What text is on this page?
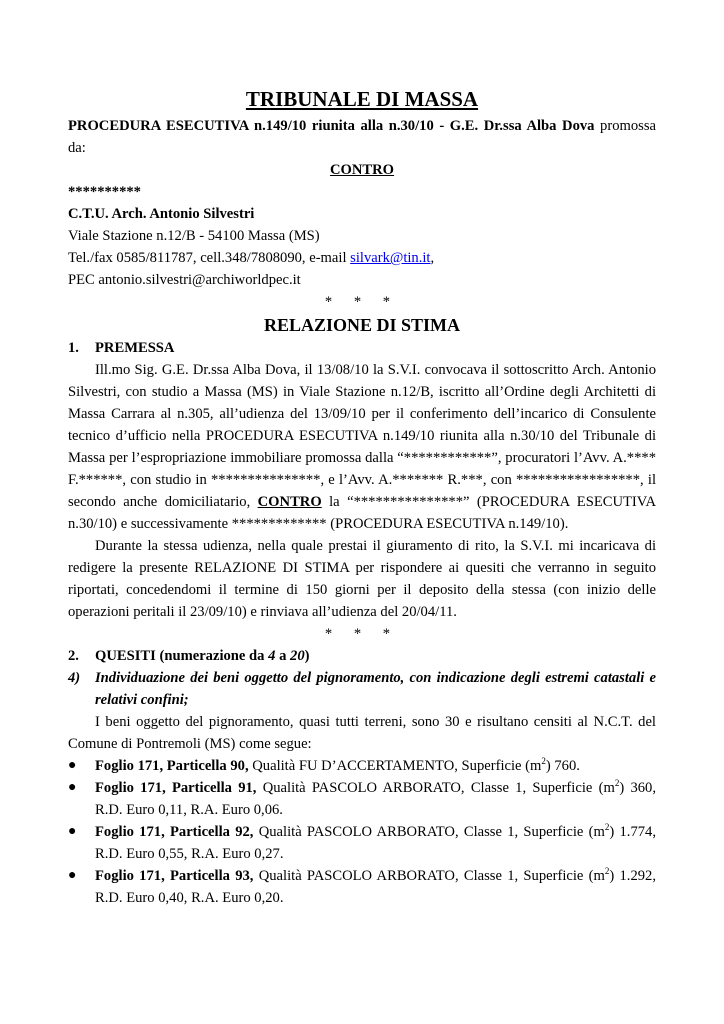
TRIBUNALE DI MASSA

PROCEDURA ESECUTIVA n.149/10 riunita alla n.30/10 - G.E. Dr.ssa Alba Dova promossa da:

CONTRO

**********

C.T.U. Arch. Antonio Silvestri

Viale Stazione n.12/B - 54100 Massa (MS)

Tel./fax 0585/811787, cell.348/7808090, e-mail silvark@tin.it,

PEC antonio.silvestri@archiworldpec.it

* * *

RELAZIONE DI STIMA
1.	PREMESSA

Ill.mo Sig. G.E. Dr.ssa Alba Dova, il 13/08/10 la S.V.I. convocava il sottoscritto Arch. Antonio Silvestri, con studio a Massa (MS) in Viale Stazione n.12/B, iscritto all’Ordine degli Architetti di Massa Carrara al n.305, all’udienza del 13/09/10 per il conferimento dell’incarico di Consulente tecnico d’ufficio nella PROCEDURA ESECUTIVA n.149/10 riunita alla n.30/10 del Tribunale di Massa per l’espropriazione immobiliare promossa dalla “************”, procuratori l’Avv. A.**** F.******, con studio in ***************, e l’Avv. A.******* R.***, con *****************, il secondo anche domiciliatario, CONTRO la “***************” (PROCEDURA ESECUTIVA n.30/10) e successivamente ************* (PROCEDURA ESECUTIVA n.149/10).

Durante la stessa udienza, nella quale prestai il giuramento di rito, la S.V.I. mi incaricava di redigere la presente RELAZIONE DI STIMA per rispondere ai quesiti che verranno in seguito riportati, concedendomi il termine di 150 giorni per il deposito della stessa (con inizio delle operazioni peritali il 23/09/10) e rinviava all’udienza del 20/04/11.

* * *

2.	QUESITI (numerazione da 4 a 20)
4)	Individuazione dei beni oggetto del pignoramento, con indicazione degli estremi catastali e relativi confini;

I beni oggetto del pignoramento, quasi tutti terreni, sono 30 e risultano censiti al N.C.T. del Comune di Pontremoli (MS) come segue:

●	Foglio 171, Particella 90, Qualità FU D’ACCERTAMENTO, Superficie $(m^2)$ 760.
●	Foglio 171, Particella 91, Qualità PASCOLO ARBORATO, Classe 1, Superficie $(m^2)$ 360, R.D. Euro 0,11, R.A. Euro 0,06.
●	Foglio 171, Particella 92, Qualità PASCOLO ARBORATO, Classe 1, Superficie $(m^2)$ 1.774, R.D. Euro 0,55, R.A. Euro 0,27.
●	Foglio 171, Particella 93, Qualità PASCOLO ARBORATO, Classe 1, Superficie $(m^2)$ 1.292, R.D. Euro 0,40, R.A. Euro 0,20.
